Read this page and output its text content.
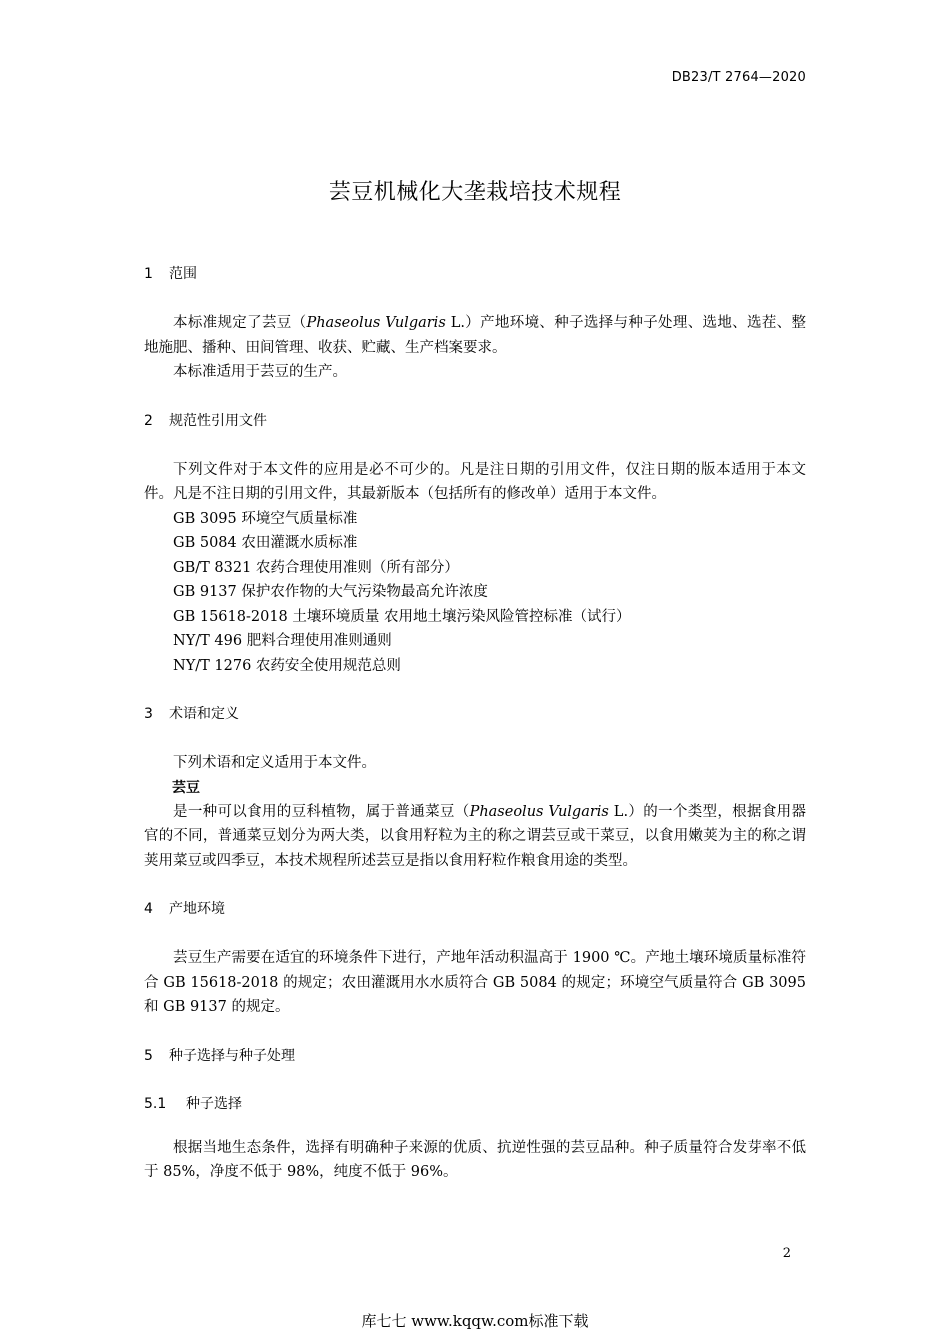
DB23/T 2764—2020
芸豆机械化大垄栽培技术规程
1 范围

本标准规定了芸豆（Phaseolus Vulgaris L.）产地环境、种子选择与种子处理、选地、选茬、整地施肥、播种、田间管理、收获、贮藏、生产档案要求。

本标准适用于芸豆的生产。

2 规范性引用文件

下列文件对于本文件的应用是必不可少的。凡是注日期的引用文件，仅注日期的版本适用于本文件。凡是不注日期的引用文件，其最新版本（包括所有的修改单）适用于本文件。

GB 3095 环境空气质量标准

GB 5084 农田灌溉水质标准

GB/T 8321 农药合理使用准则（所有部分）

GB 9137 保护农作物的大气污染物最高允许浓度

GB 15618-2018 土壤环境质量 农用地土壤污染风险管控标准（试行）

NY/T 496 肥料合理使用准则通则

NY/T 1276 农药安全使用规范总则

3 术语和定义

下列术语和定义适用于本文件。

芸豆

是一种可以食用的豆科植物，属于普通菜豆（Phaseolus Vulgaris L.）的一个类型，根据食用器官的不同，普通菜豆划分为两大类，以食用籽粒为主的称之谓芸豆或干菜豆，以食用嫩荚为主的称之谓荚用菜豆或四季豆，本技术规程所述芸豆是指以食用籽粒作粮食用途的类型。

4 产地环境

芸豆生产需要在适宜的环境条件下进行，产地年活动积温高于 1900 ℃。产地土壤环境质量标准符合 GB 15618-2018 的规定；农田灌溉用水水质符合 GB 5084 的规定；环境空气质量符合 GB 3095 和 GB 9137 的规定。

5 种子选择与种子处理
5.1 种子选择

根据当地生态条件，选择有明确种子来源的优质、抗逆性强的芸豆品种。种子质量符合发芽率不低于 85%，净度不低于 98%，纯度不低于 96%。

2
库七七 www.kqqw.com标准下载
